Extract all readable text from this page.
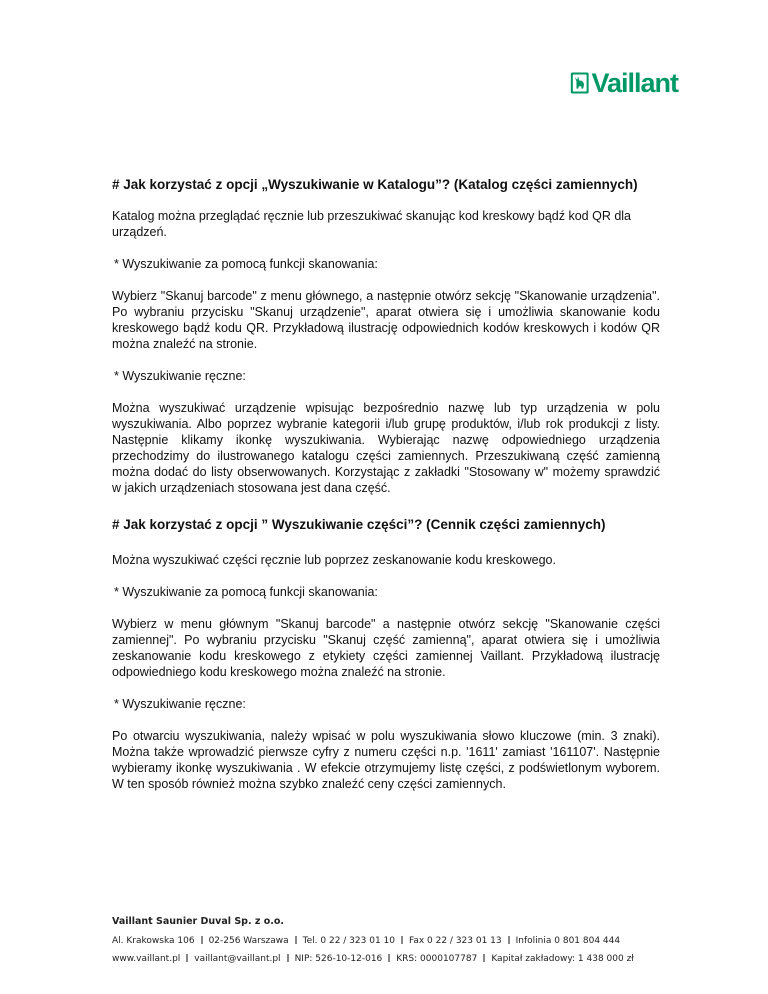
Vaillant
# Jak korzystać z opcji „Wyszukiwanie w Katalogu”? (Katalog części zamiennych)

Katalog można przeglądać ręcznie lub przeszukiwać skanując kod kreskowy bądź kod QR dla urządzeń.

* Wyszukiwanie za pomocą funkcji skanowania:

Wybierz "Skanuj barcode" z menu głównego, a następnie otwórz sekcję "Skanowanie urządzenia". Po wybraniu przycisku "Skanuj urządzenie", aparat otwiera się i umożliwia skanowanie kodu kreskowego bądź kodu QR. Przykładową ilustrację odpowiednich kodów kreskowych i kodów QR można znaleźć na stronie.

* Wyszukiwanie ręczne:

Można wyszukiwać urządzenie wpisując bezpośrednio nazwę lub typ urządzenia w polu wyszukiwania. Albo poprzez wybranie kategorii i/lub grupę produktów, i/lub rok produkcji z listy. Następnie klikamy ikonkę wyszukiwania. Wybierając nazwę odpowiedniego urządzenia przechodzimy do ilustrowanego katalogu części zamiennych. Przeszukiwaną część zamienną można dodać do listy obserwowanych. Korzystając z zakładki "Stosowany w" możemy sprawdzić w jakich urządzeniach stosowana jest dana część.

# Jak korzystać z opcji ” Wyszukiwanie części”? (Cennik części zamiennych)

Można wyszukiwać części ręcznie lub poprzez zeskanowanie kodu kreskowego.

* Wyszukiwanie za pomocą funkcji skanowania:

Wybierz w menu głównym "Skanuj barcode" a następnie otwórz sekcję "Skanowanie części zamiennej". Po wybraniu przycisku "Skanuj część zamienną", aparat otwiera się i umożliwia zeskanowanie kodu kreskowego z etykiety części zamiennej Vaillant. Przykładową ilustrację odpowiedniego kodu kreskowego można znaleźć na stronie.

* Wyszukiwanie ręczne:

Po otwarciu wyszukiwania, należy wpisać w polu wyszukiwania słowo kluczowe (min. 3 znaki). Można także wprowadzić pierwsze cyfry z numeru części n.p. '1611' zamiast '161107'. Następnie wybieramy ikonkę wyszukiwania . W efekcie otrzymujemy listę części, z podświetlonym wyborem. W ten sposób również można szybko znaleźć ceny części zamiennych.

Vaillant Saunier Duval Sp. z o.o.
Al. Krakowska 106 02-256 Warszawa Tel. 0 22 / 323 01 10 Fax 0 22 / 323 01 13 Infolinia 0 801 804 444
www.vaillant.pl vaillant@vaillant.pl NIP: 526-10-12-016 KRS: 0000107787 Kapitał zakładowy: 1 438 000 zł
